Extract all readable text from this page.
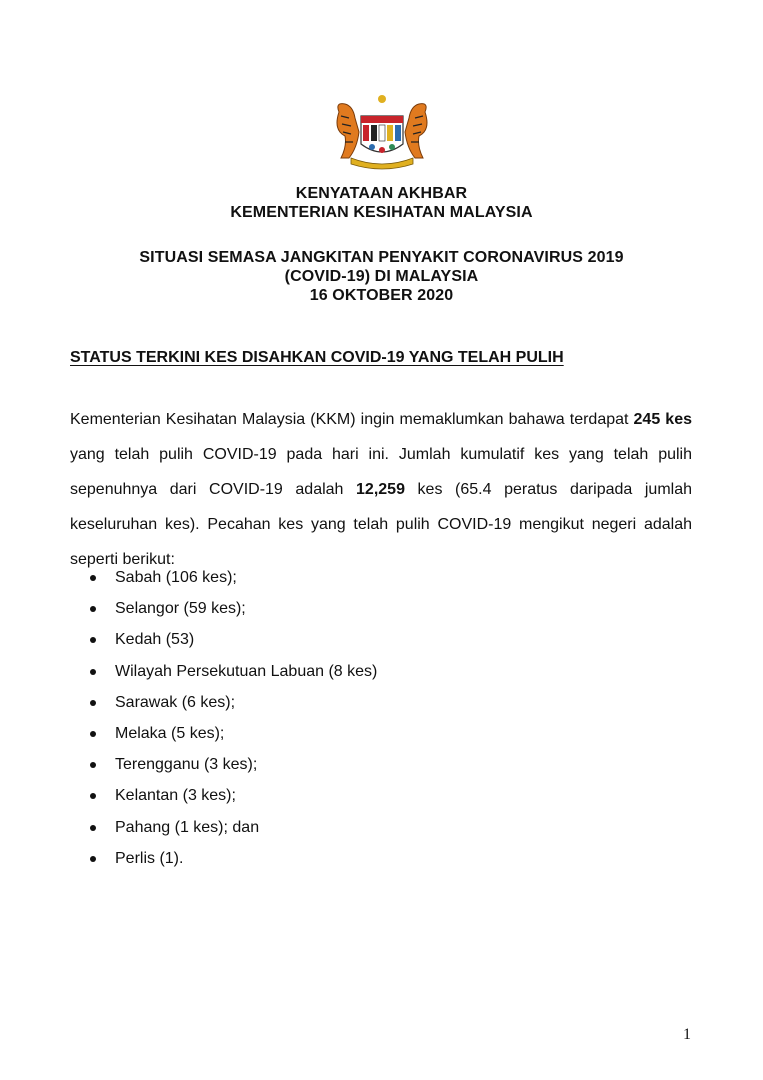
KENYATAAN AKHBAR
KEMENTERIAN KESIHATAN MALAYSIA
SITUASI SEMASA JANGKITAN PENYAKIT CORONAVIRUS 2019
(COVID-19) DI MALAYSIA
16 OKTOBER 2020
STATUS TERKINI KES DISAHKAN COVID-19 YANG TELAH PULIH
Kementerian Kesihatan Malaysia (KKM) ingin memaklumkan bahawa terdapat 245 kes yang telah pulih COVID-19 pada hari ini. Jumlah kumulatif kes yang telah pulih sepenuhnya dari COVID-19 adalah 12,259 kes (65.4 peratus daripada jumlah keseluruhan kes). Pecahan kes yang telah pulih COVID-19 mengikut negeri adalah seperti berikut:
Sabah (106 kes);
Selangor (59 kes);
Kedah (53)
Wilayah Persekutuan Labuan (8 kes)
Sarawak (6 kes);
Melaka (5 kes);
Terengganu (3 kes);
Kelantan (3 kes);
Pahang (1 kes); dan
Perlis (1).
1
